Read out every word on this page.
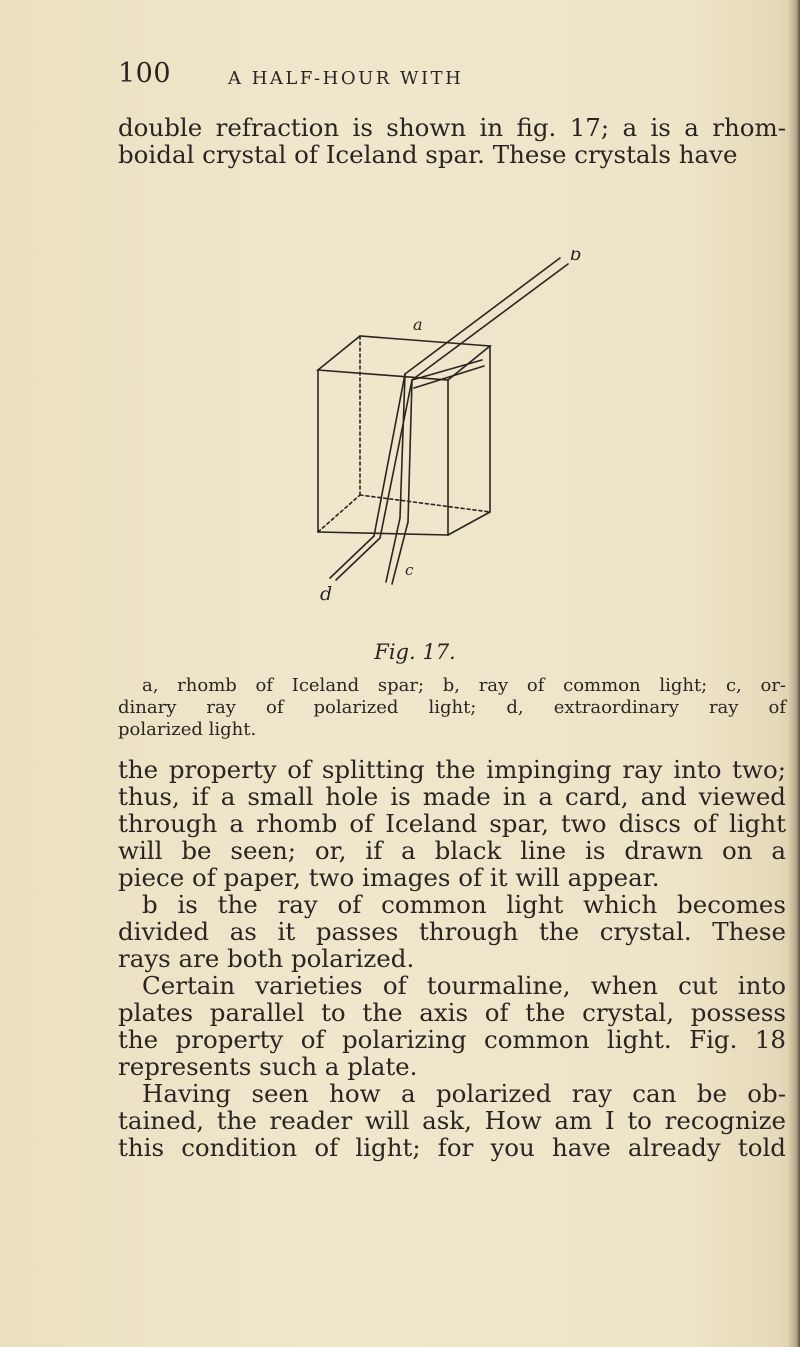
100	A HALF-HOUR WITH
double refraction is shown in fig. 17; a is a rhom-
boidal crystal of Iceland spar. These crystals have
a
b
c
d
Fig. 17.
a, rhomb of Iceland spar; b, ray of common light; c, or-
dinary ray of polarized light; d, extraordinary ray of
polarized light.
the property of splitting the impinging ray into two;
thus, if a small hole is made in a card, and viewed
through a rhomb of Iceland spar, two discs of light
will be seen; or, if a black line is drawn on a
piece of paper, two images of it will appear.
b is the ray of common light which becomes
divided as it passes through the crystal. These
rays are both polarized.
Certain varieties of tourmaline, when cut into
plates parallel to the axis of the crystal, possess
the property of polarizing common light. Fig. 18
represents such a plate.
Having seen how a polarized ray can be ob-
tained, the reader will ask, How am I to recognize
this condition of light; for you have already told
